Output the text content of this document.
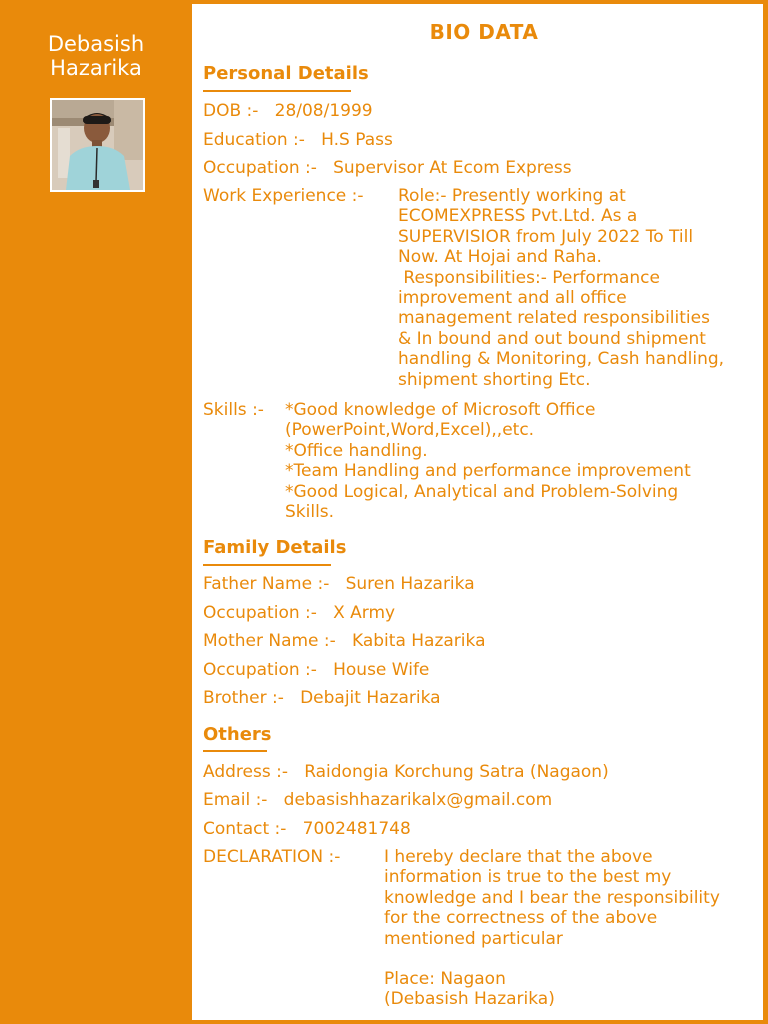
Debasish
Hazarika
BIO DATA
Personal Details
DOB :- 28/08/1999
Education :- H.S Pass
Occupation :- Supervisor At Ecom Express
Work Experience :- Role:- Presently working at
ECOMEXPRESS Pvt.Ltd. As a
SUPERVISIOR from July 2022 To Till
Now. At Hojai and Raha.
Responsibilities:- Performance
improvement and all office
management related responsibilities
& In bound and out bound shipment
handling & Monitoring, Cash handling,
shipment shorting Etc.
Skills :- *Good knowledge of Microsoft Office
(PowerPoint,Word,Excel),,etc.
*Office handling.
*Team Handling and performance improvement
*Good Logical, Analytical and Problem-Solving
Skills.
Family Details
Father Name :- Suren Hazarika
Occupation :- X Army
Mother Name :- Kabita Hazarika
Occupation :- House Wife
Brother :- Debajit Hazarika
Others
Address :- Raidongia Korchung Satra (Nagaon)
Email :- debasishhazarikalx@gmail.com
Contact :- 7002481748
DECLARATION :-	I hereby declare that the above
information is true to the best my
knowledge and I bear the responsibility
for the correctness of the above
mentioned particular
Place: Nagaon
(Debasish Hazarika)
